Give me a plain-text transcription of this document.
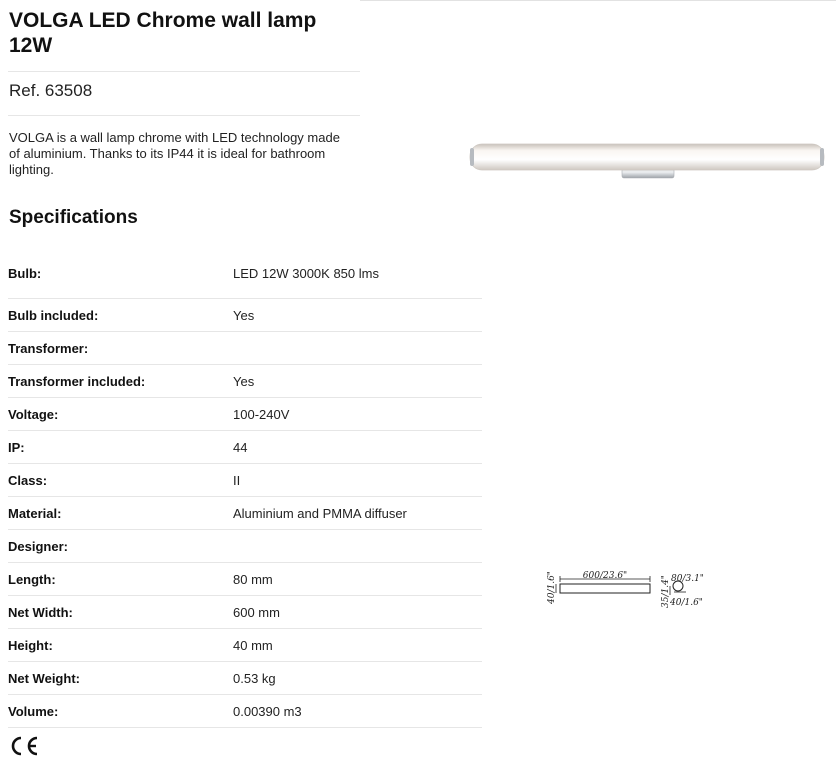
VOLGA LED Chrome wall lamp 12W
Ref. 63508

VOLGA is a wall lamp chrome with LED technology made of aluminium. Thanks to its IP44 it is ideal for bathroom lighting.

Specifications
Bulb:	LED 12W 3000K 850 lms
Bulb included:	Yes
Transformer:
Transformer included:	Yes
Voltage:	100-240V
IP:	44
Class:	II
Material:	Aluminium and PMMA diffuser
Designer:
Length:	80 mm
Net Width:	600 mm
Height:	40 mm
Net Weight:	0.53 kg
Volume:	0.00390 m3
600/23.6"
40/1.6"	35/1.4" 80/3.1"
40/1.6"
